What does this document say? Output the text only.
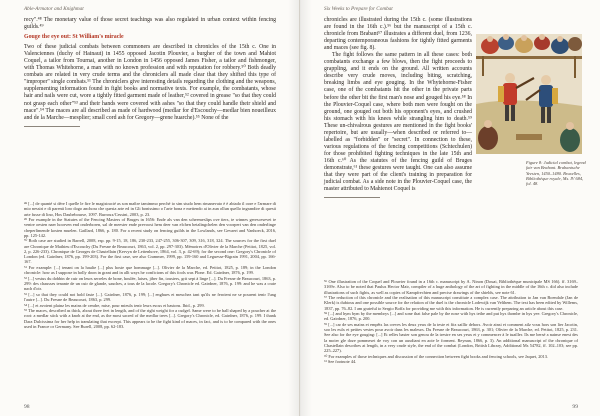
Able-Armator and Knighmat

recy".⁴⁸ The monetary value of those secret teachings was also regulated in urban context within fencing guilds.⁴⁹

Gouge the eye out: St William's miracle

Two of these judicial combats between commoners are described in chronicles of the 15th c. One in Valenciennes (duchy of Hainaut) in 1455 opposed Jacotin Plouvier, a burgher of the town and Mahiot Coquel, a tailor from Tournai, another in London in 1456 opposed James Fisher, a tailor and fishmonger, with Thomas Whitehorne, a man with no known profession and with reputation for robbery.⁵⁰ Both deadly combats are related in very crude terms and the chroniclers all made clear that they shifted this type of "improper" single combats.⁵¹ The chroniclers give interesting details regarding the clothing and the weapons, supplementing information found in fight books and normative texts. For example, the combatants, whose hair and nails were cut, wore a tightly fitted garment made of leather,⁵² covered in grease "so that they could not grasp each other"⁵³ and their hands were covered with ashes "so that they could handle their shield and mace".⁵⁴ The maces are all described as made of hardwood (medlar for d'Escouchy—medlar bien noueilleux and de la Marche—mesplier; small cord ash for Gregory—grene huarche).⁵⁵ None of the

⁴⁸ [...] de quanté si dére I quelle le fire le magistracié as son maître tamimmo perché io sim studo hem rimanevato è è abtado il oore e l'armare di mio nessiri e di parenti loro dogo anchora che questa arte ed in Gli bonissimo o l'arte bona e mettendo ai in aun ollun quello ingrandire di questi arte fusse di lino, Hos Daubebourse, 1097. Burroux/Cessini, 2003, p. 23.

⁴⁹ For example in the Statutes of the Fencing Masters of Bruges in 1656: Ende als van den scheemeslips ove tiers, te winnes gerescesevet te ventre oesten naer hoorven end onderboren, sal de meester ende prevoost hem deer van elchen betalingchelen den voorpert van den onderlinge cheperlimende kosten muelen. Gaillard, 1866, p. 180. For a recent study on fencing guilds in the Lowlands, see Gevaert and Vanhoeck, 2016, pp. 125-142.

⁵⁰ Both case are studied in Barrell, 2008, esp. pp. 9-15, 18, 186, 230-233, 247-255, 306-307, 309, 316, 318, 324. The sources for the first duel are Chronique de Mathieu d'Escouchy (Du Fresne de Beaucourt, 1863, vol. 2, pp. 297-303). Mémoires d'Olivier de la Marche (Petitot, 1825, vol. 2, p. 226-233). Chronique de Georges de Chastellain (Kervyn de Lettenhove, 1864, vol. 3, p. 42-69); for the second one: Gregory's Chronicle of London (ed. Gairdner, 1876, pp. 199-203). For the first case, see also Crammer, 1999, pp. 159-160 and Leguesse-Bigrain 1991, 2004, pp. 166-167.

⁵¹ For example: [...] tenant on la haulte [...] plus hoste que hommage [...]. Olivier de la Marche, ed. Petitot, 1825, p. 189; in the London chronicle: how as I suppose in holly doon in grant and in allt ways he conficions of this fools was Plone. Ed. Gairdner, 1876, p. 199.

⁵² [...] vestus du dobbin de cuir on leurs serreles de bone, houlée, laises, jiber fin, tousiers, grit sept à linge [...]. Du Fresne de Beaucourt, 1863, p. 299: des chausses tenante de un cuir de glande, sauches, a tous de la lacole. Gregory's Chronicle ed. Gairdner, 1876, p. 199: and he was a crate nach d'oir.

⁵³ [...] so that they could not hold faste [...]. Gairdner, 1876, p. 199; [...] enghues et meuchez tant qu'ils ne feroient ne se pourent tenir l'ung l'autre [...]. Du Fresne de Beaucourt, 1863, p. 299.

⁵⁴ [...] et avoient plainz les mains de cendre, mise, pour mieulx tenir leurs escus et bastons. Ibid., p. 299.

⁵⁵ The maces, described as thick, about three feet in length, and of the right weight for a cudgel. Same were to be ball shaped by a poucher at the root: a medlar stick with a knob at the end, as the most sacred of the medlar trees [...]. Gregory's Chronicle, ed. Gairdner, 1876, p. 199. I thank Dara Dulcissima for her help in translating that excerpt. This appears to be the fight kind of maces, in fact, and is to be compared with the ones used in France or Germany. See Burell, 2008, pp. 62-183.

98
Six Weeks to Prepare for Combat

chronicles are illustrated during the 15th c. (some illustrations are found in the 16th c.).⁵⁶ but the manuscript of a 15th c. chronicle from Brabant⁵⁷ illustrates a different duel, from 1236, departing contemporaneous fashions for tightly fitted garments and maces (see fig. 8).

The fight follows the same pattern in all these cases: both combatants exchange a few blows, then the fight proceeds to grappling, and it ends on the ground. All written accounts describe very crude moves, including biting, scratching, breaking limbs and eye gouging. In the Whytehorne-Fisher case, one of the combatants hit the other in the private parts before the other bit the first man's nose and gouged his eye.⁵⁸ In the Plouvier-Coquel case, where both men were fought on the ground, one gouged out both his opponent's eyes, and crushed his stomach with his knees while strangling him to death.⁵⁹ These un-chivalrous gestures are mentioned in the fight books' repertoire, but are usually—when described or referred to—labelled as "forbidden" or "secret". In connection to these, various regulations of the fencing competitions (Schtechulen) for those prohibited fighting techniques in the late 15th and 16th c.⁶⁰ As the statutes of the fencing guild of Bruges demonstrate,⁶¹ these gestures were taught. One can also assume that they were part of the client's training in preparation for judicial combat. As a side note in the Plouvier-Coquel case, the master attributed to Mahienot Coquel is

⁵⁶ One illustration of the Coquel and Plouvier found in a 16th c. manuscript by A. Ninon (Douai, Bibliothèque municipale MS 166). ff. 3169–3169v. Also to be noted that Paulus Hector Mair, compiler of a huge anthology of the art of fighting in the middle of the 16th c. did also include illustrations of such fights, as well as copies of Kampfrechten and precise drawings of the shields, see note 61.

⁵⁷ The reduction of this chronicle and the realisation of this manuscript constitute a complex case. The attribution to Jan van Boendale (Jan de Klerk) is dubious and one possible source for the relation of the duel is the chronicle Lodewijk van Velthem. The text has been edited by Willems, 1837, pp. 76–82. I am grateful to Sergio Boffa for providing me with this information. He is currently preparing an article about this case.

⁵⁸ [...] and hym bym by the membrys [...] and sone that false pale by the nose with hys tethe and put hys thombe in hys yee. Gregory's Chronicle, ed. Gairdner, 1876, p. 200.

⁵⁹ [...] car de ses mains et empêts las creves les deux yeux de la teste et fitz saillir dehors. Avoir ainsi et comment ailz vous hors son lier Jacotin, soo les eulx et petites vestes pour avoir dans les maleurs. Du Fresne de Beaucourt, 1863, p. 301; Olivier de la Marche, ed. Petitot, 1825, p. 231. See also for the eye gouging: [...] Et relles baster son genou de la trestre en ses yeux et y commencer à le tuailler. Ils me bersé a nainse enest des la moier gle doze pommeset de voy con un auxdiant en aoie le forment. Reynan, 1866, p. 3). An additional manuscript of the chronique of Chastellain describes at length, in a very crude style, the end of the combat (London, British Library, Additional Ms 54782, ff. 102–103; see pp. 225–227).

⁶⁰ For examples of those techniques and discussion of the connection between fight books and fencing schools, see Jaquet, 2013.

⁶¹ See footnote 44.

99
Figure 8: Judicial combat, legend fair van Brabant. Brabantsche Yeesten, 1450–1480. Bruxelles, Bibliothèque royale, Ms. IV 684, fol. 48.
